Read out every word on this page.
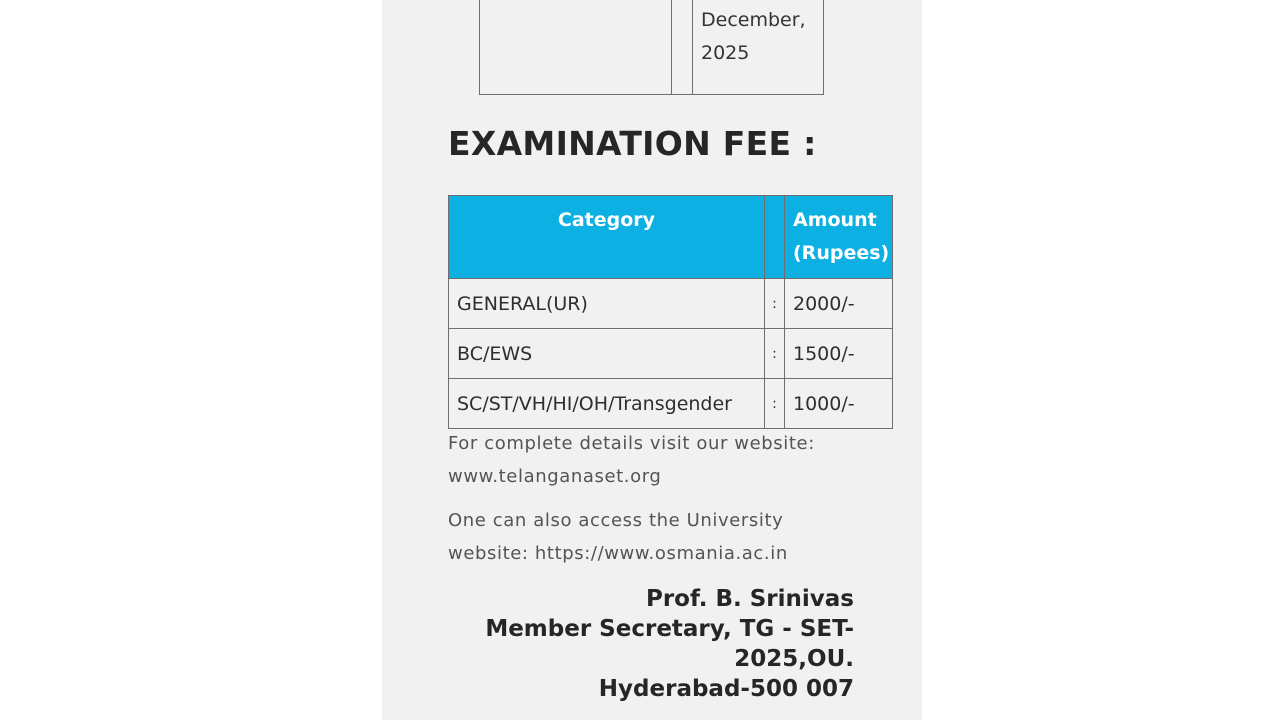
December,
2025
EXAMINATION FEE :
Category		Amount
(Rupees)

GENERAL(UR)	:	2000/-
BC/EWS	:	1500/-
SC/ST/VH/HI/OH/Transgender	:	1000/-

For complete details visit our website:
www.telanganaset.org

One can also access the University
website: https://www.osmania.ac.in

Prof. B. Srinivas
Member Secretary, TG - SET-
2025,OU.
Hyderabad-500 007
